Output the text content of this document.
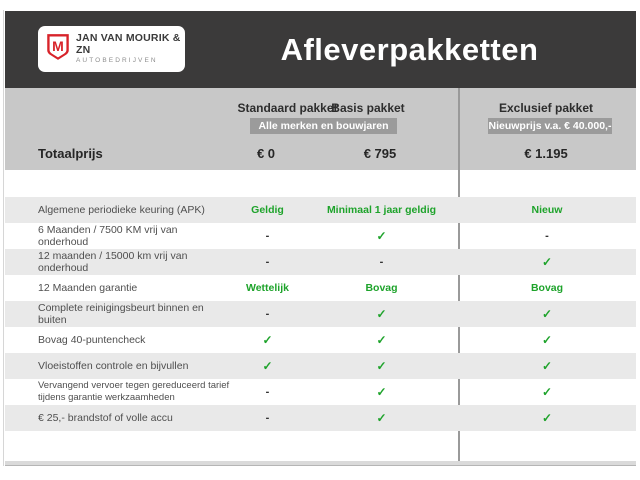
M JAN VAN MOURIK & ZN
AUTOBEDRIJVEN	Afleverpakketten
Standaard pakket
Basis pakket	Exclusief pakket
Alle merken en bouwjaren	Nieuwprijs v.a. € 40.000,-
Totaalprijs	€ 0	€ 795	€ 1.195
Algemene periodieke keuring (APK)	Geldig	Minimaal 1 jaar geldig	Nieuw
6 Maanden / 7500 KM vrij van onderhoud	-	✓	-
12 maanden / 15000 km vrij van onderhoud	-	-	✓
12 Maanden garantie	Wettelijk	Bovag	Bovag
Complete reinigingsbeurt binnen en buiten	-	✓	✓
Bovag 40-puntencheck	✓	✓	✓
Vloeistoffen controle en bijvullen	✓	✓	✓
Vervangend vervoer tegen gereduceerd tarief tijdens garantie werkzaamheden	-	✓	✓
€ 25,- brandstof of volle accu	-	✓	✓
